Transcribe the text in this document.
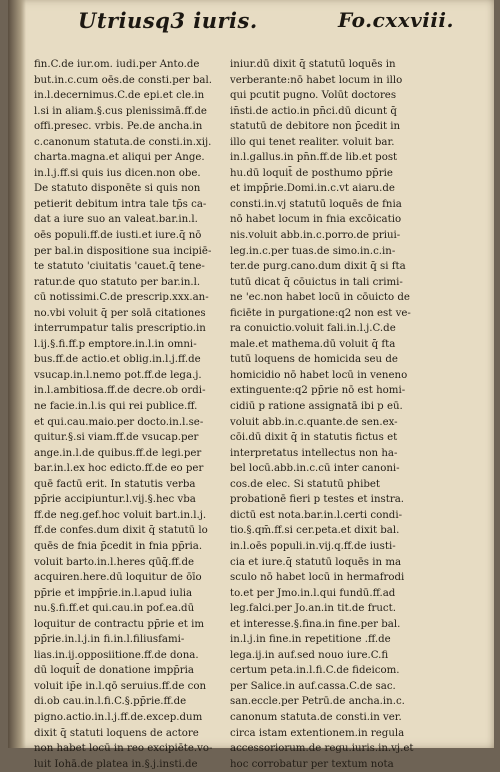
Utriusq3 iuris.	Fo.cxxviii.
fin.C.de iur.om. iudi.per Anto.de
but.in.c.cum oēs.de consti.per bal.
in.l.decernimus.C.de epi.et cle.in
l.si in aliam.§.cus plenissimā.ff.de
offi.presec. vrbis. Pe.de ancha.in
c.canonum statuta.de consti.in.xij.
charta.magna.et aliqui per Ange.
in.l.j.ff.si quis ius dicen.non obe.
De statuto disponēte si quis non
petierit debitum intra tale tp̄s ca-
dat a iure suo an valeat.bar.in.l.
oēs populi.ff.de iusti.et iure.q̄ nō
per bal.in dispositione sua incipiē-
te statuto 'ciuitatis 'cauet.q̄ tene-
ratur.de quo statuto per bar.in.l.
cū notissimi.C.de prescrip.xxx.an-
no.vbi voluit q̄ per solā citationes
interrumpatur talis prescriptio.in
l.ij.§.fi.ff.p emptore.in.l.in omni-
bus.ff.de actio.et oblig.in.l.j.ff.de
vsucap.in.l.nemo pot.ff.de lega.j.
in.l.ambitiosa.ff.de decre.ob ordi-
ne facie.in.l.is qui rei publice.ff.
et qui.cau.maio.per docto.in.l.se-
quitur.§.si viam.ff.de vsucap.per
ange.in.l.de quibus.ff.de legi.per
bar.in.l.ex hoc edicto.ff.de eo per
quē factū erit. In statutis verba
pp̄rie accipiuntur.l.vij.§.hec vba
ff.de neg.gef.hoc voluit bart.in.l.j.
ff.de confes.dum dixit q̄ statutū lo
quēs de fnia p̄cedit in fnia pp̄ria.
voluit barto.in.l.heres qūq̄.ff.de
acquiren.here.dū loquitur de ōīo
pp̄rie et impp̄rie.in.l.apud iulia
nu.§.fi.ff.et qui.cau.in pof.ea.dū
loquitur de contractu pp̄rie et im
pp̄rie.in.l.j.in fi.in.l.filiusfami-
lias.in.ij.opposiitione.ff.de dona.
dū loquit̄ de donatione impp̄ria
voluit ip̄e in.l.qō seruius.ff.de con
di.ob cau.in.l.fi.C.§.pp̄rie.ff.de
pigno.actio.in.l.j.ff.de.excep.dum
dixit q̄ statuti loquens de actore
non habet locū in reo excipiēte.vo-
luit Iohā.de platea in.§.j.insti.de
iniur.dū dixit q̄ statutū loquēs in
verberante:nō habet locum in illo
qui pcutit pugno. Volūt doctores
in̄sti.de actio.in pn̄ci.dū dicunt q̄
statutū de debitore non p̄cedit in
illo qui tenet realiter. voluit bar.
in.l.gallus.in pn̄n.ff.de lib.et post
hu.dū loquit̄ de posthumo pp̄rie
et impp̄rie.Domi.in.c.vt aiaru.de
consti.in.vj statutū loquēs de fnia
nō habet locum in fnia excōicatio
nis.voluit abb.in.c.porro.de priui-
leg.in.c.per tuas.de simo.in.c.in-
ter.de purg.cano.dum dixit q̄ si fta
tutū dicat q̄ cōuictus in tali crimi-
ne 'ec.non habet locū in cōuicto de
ficiēte in purgatione:q2 non est ve-
ra conuictio.voluit fali.in.l.j.C.de
male.et mathema.dū voluit q̄ fta
tutū loquens de homicida seu de
homicidio nō habet locū in veneno
extinguente:q2 pp̄rie nō est homi-
cidiū p ratione assignatā ibi p eū.
voluit abb.in.c.quante.de sen.ex-
cōi.dū dixit q̄ in statutis fictus et
interpretatus intellectus non ha-
bel locū.abb.in.c.cū inter canoni-
cos.de elec. Si statutū phibet
probationē fieri p testes et instra.
dictū est nota.bar.in.l.certi condi-
tio.§.qm̄.ff.si cer.peta.et dixit bal.
in.l.oēs populi.in.vij.q.ff.de iusti-
cia et iure.q̄ statutū loquēs in ma
sculo nō habet locū in hermafrodi
to.et per Jmo.in.l.qui fundū.ff.ad
leg.falci.per Jo.an.in tit.de fruct.
et interesse.§.fina.in fine.per bal.
in.l.j.in fine.in repetitione .ff.de
lega.ij.in auf.sed nouo iure.C.fi
certum peta.in.l.fi.C.de fideicom.
per Salice.in auf.cassa.C.de sac.
san.eccle.per Petrū.de ancha.in.c.
canonum statuta.de consti.in ver.
circa istam extentionem.in regula
accessoriorum.de regu.iuris.in.vj.et
hoc corrobatur per textum nota
